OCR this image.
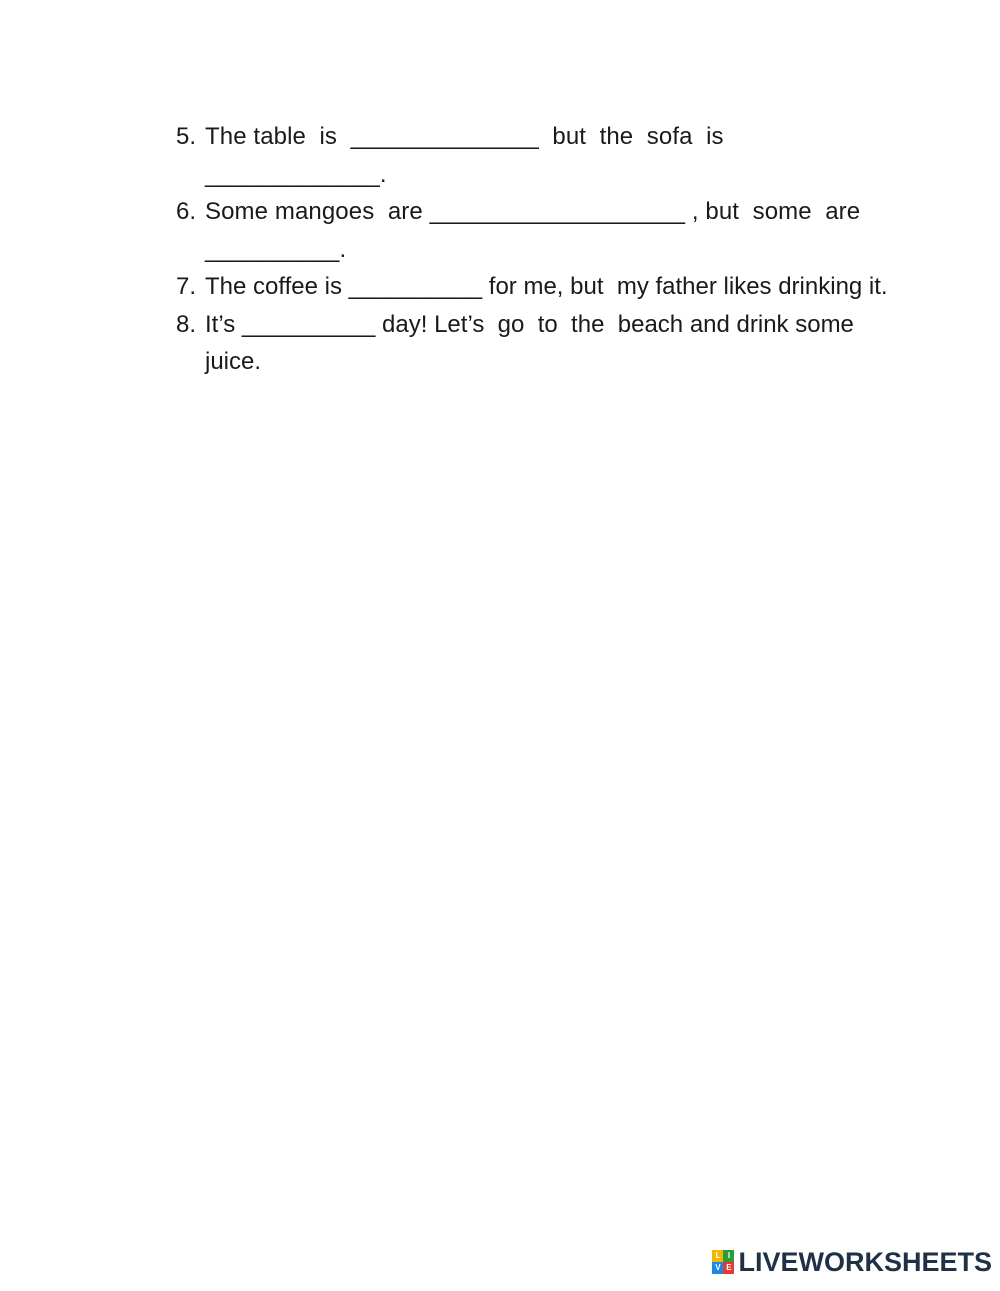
5. The table  is  ______________  but  the  sofa  is _____________.
6. Some mangoes  are ___________________ , but  some  are __________.
7. The coffee is __________ for me, but  my father likes drinking it.
8. It’s __________ day! Let’s  go  to  the  beach and drink some juice.
L I
V E LIVEWORKSHEETS
